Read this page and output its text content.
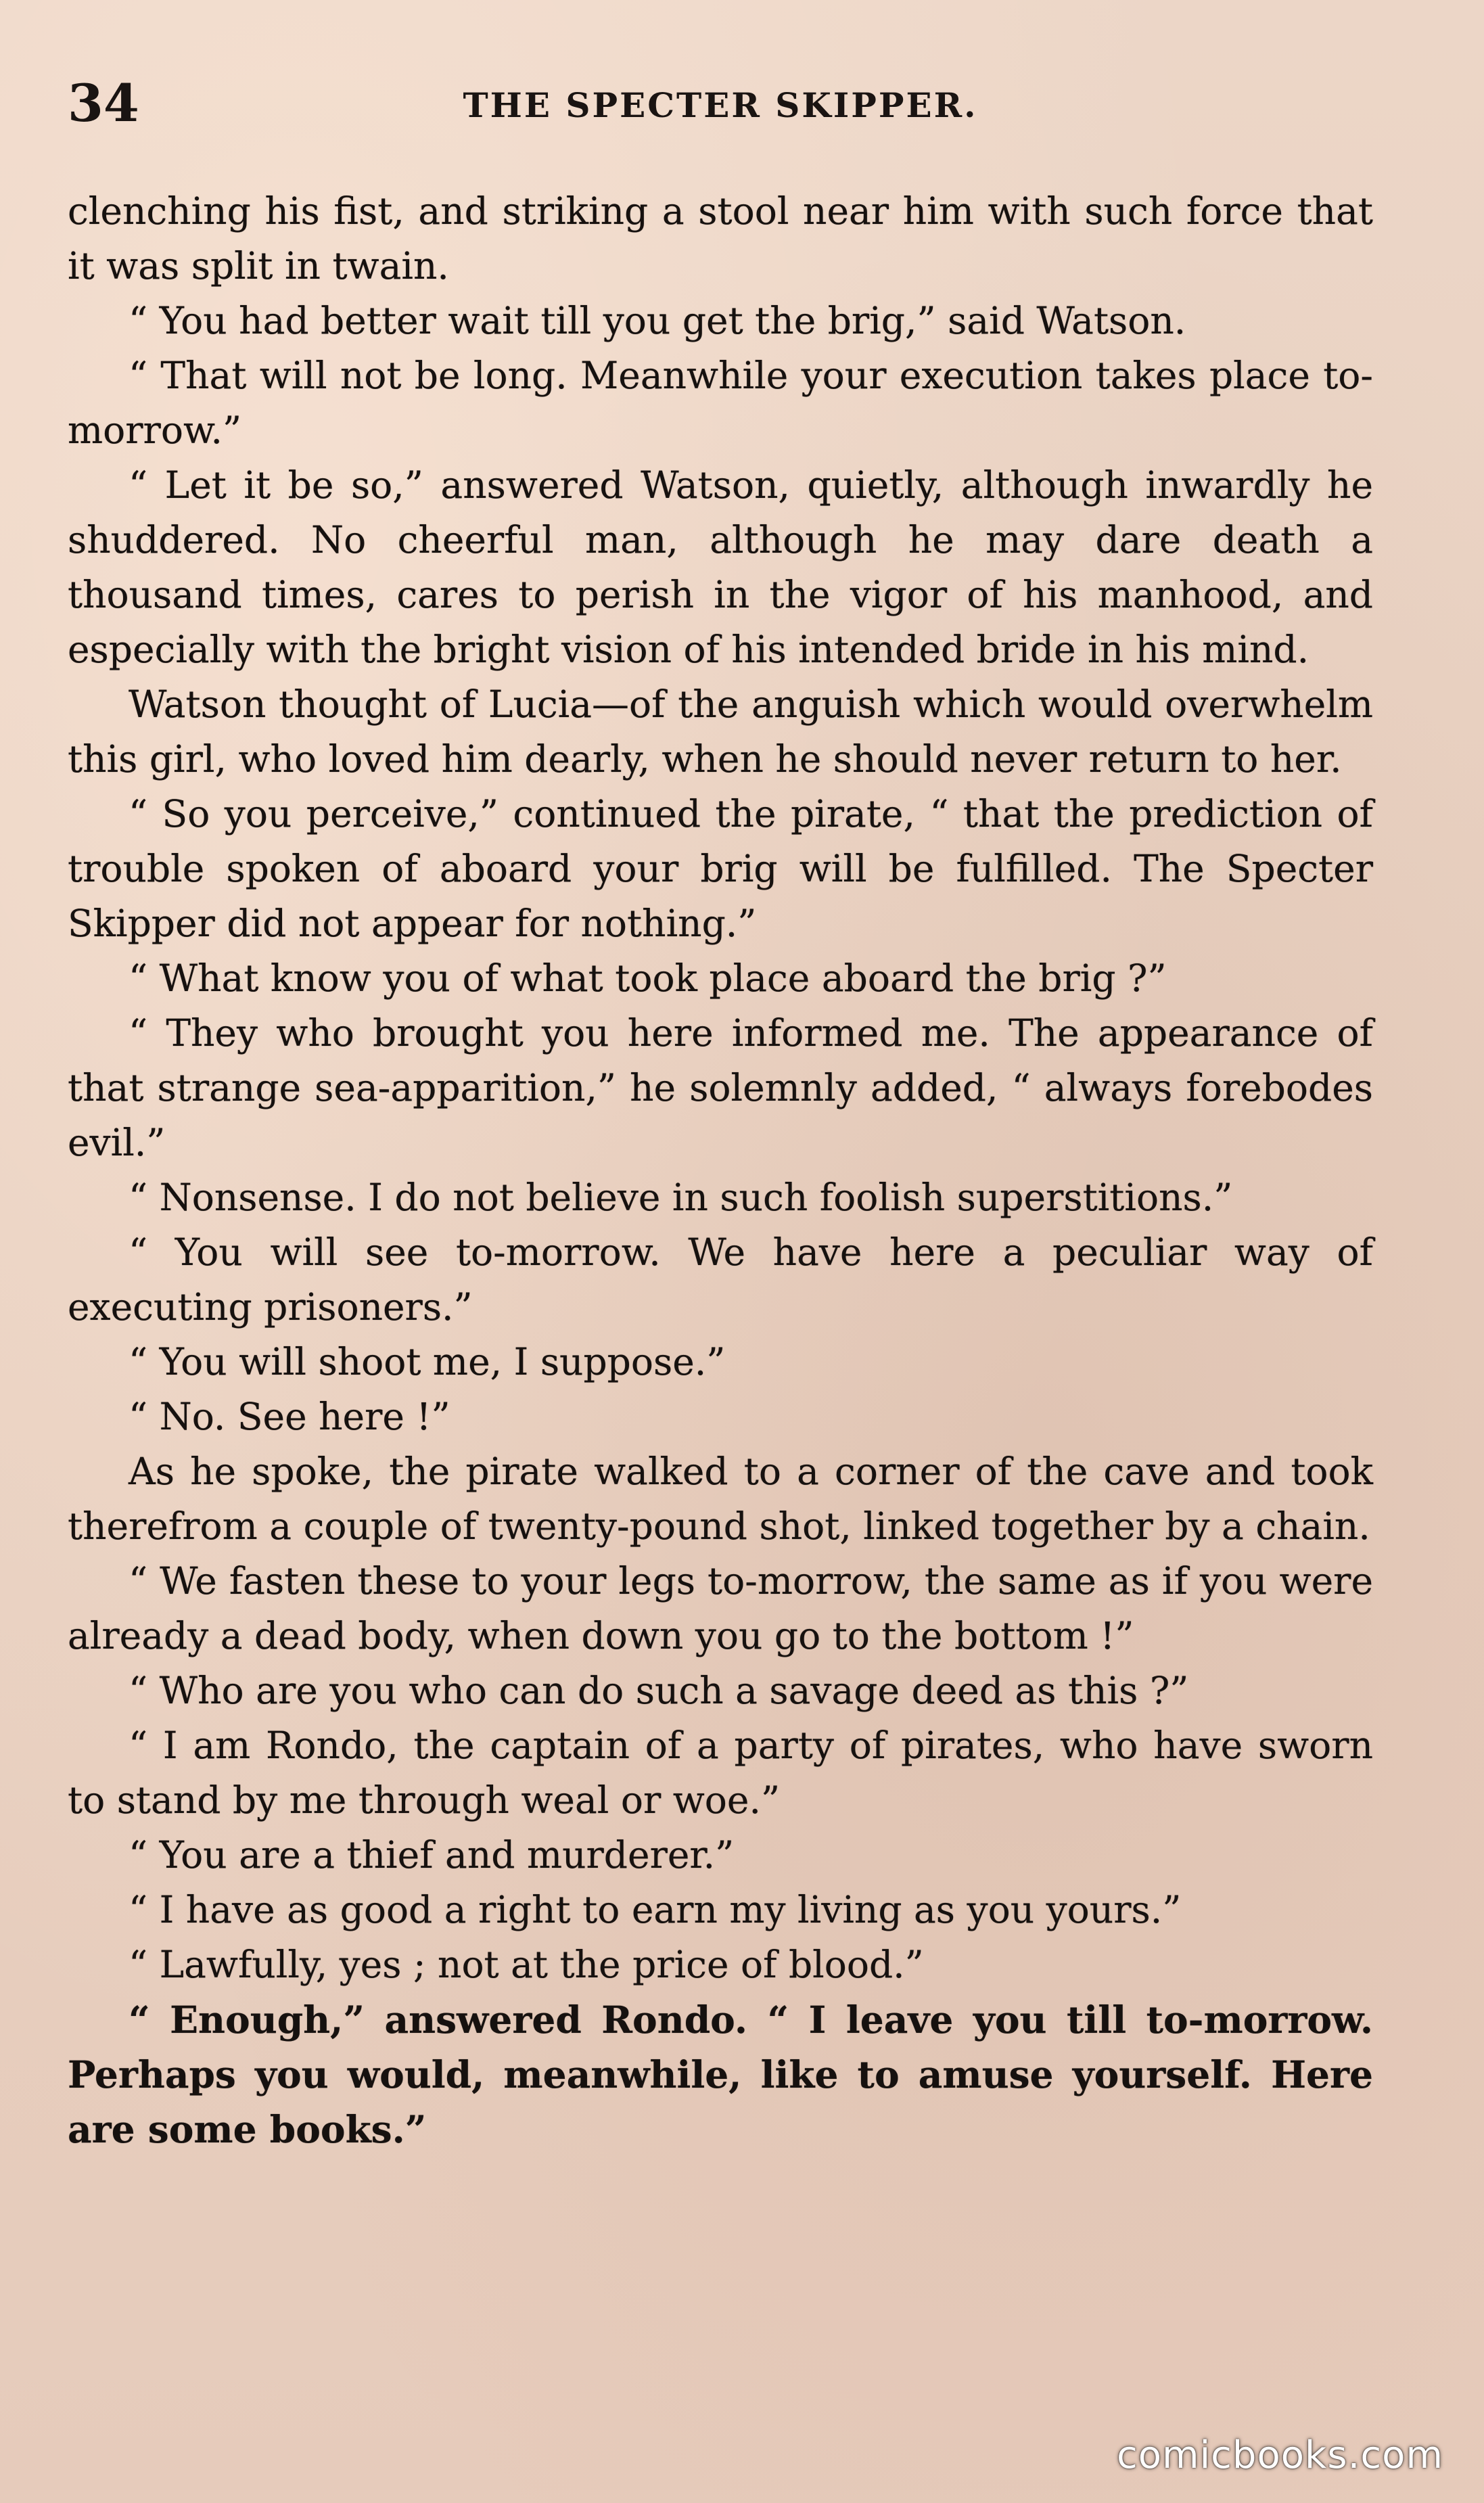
34	THE SPECTER SKIPPER.

clenching his fist, and striking a stool near him with such force that it was split in twain.

“ You had better wait till you get the brig,” said Watson.

“ That will not be long. Meanwhile your execution takes place to-morrow.”

“ Let it be so,” answered Watson, quietly, although inwardly he shuddered. No cheerful man, although he may dare death a thousand times, cares to perish in the vigor of his manhood, and especially with the bright vision of his intended bride in his mind.

Watson thought of Lucia—of the anguish which would overwhelm this girl, who loved him dearly, when he should never return to her.

“ So you perceive,” continued the pirate, “ that the prediction of trouble spoken of aboard your brig will be fulfilled. The Specter Skipper did not appear for nothing.”

“ What know you of what took place aboard the brig ?”

“ They who brought you here informed me. The appearance of that strange sea-apparition,” he solemnly added, “ always forebodes evil.”

“ Nonsense. I do not believe in such foolish superstitions.”

“ You will see to-morrow. We have here a peculiar way of executing prisoners.”

“ You will shoot me, I suppose.”

“ No. See here !”

As he spoke, the pirate walked to a corner of the cave and took therefrom a couple of twenty-pound shot, linked together by a chain.

“ We fasten these to your legs to-morrow, the same as if you were already a dead body, when down you go to the bottom !”

“ Who are you who can do such a savage deed as this ?”

“ I am Rondo, the captain of a party of pirates, who have sworn to stand by me through weal or woe.”

“ You are a thief and murderer.”

“ I have as good a right to earn my living as you yours.”

“ Lawfully, yes ; not at the price of blood.”

“ Enough,” answered Rondo. “ I leave you till to-morrow. Perhaps you would, meanwhile, like to amuse yourself. Here are some books.”

comicbooks.com
